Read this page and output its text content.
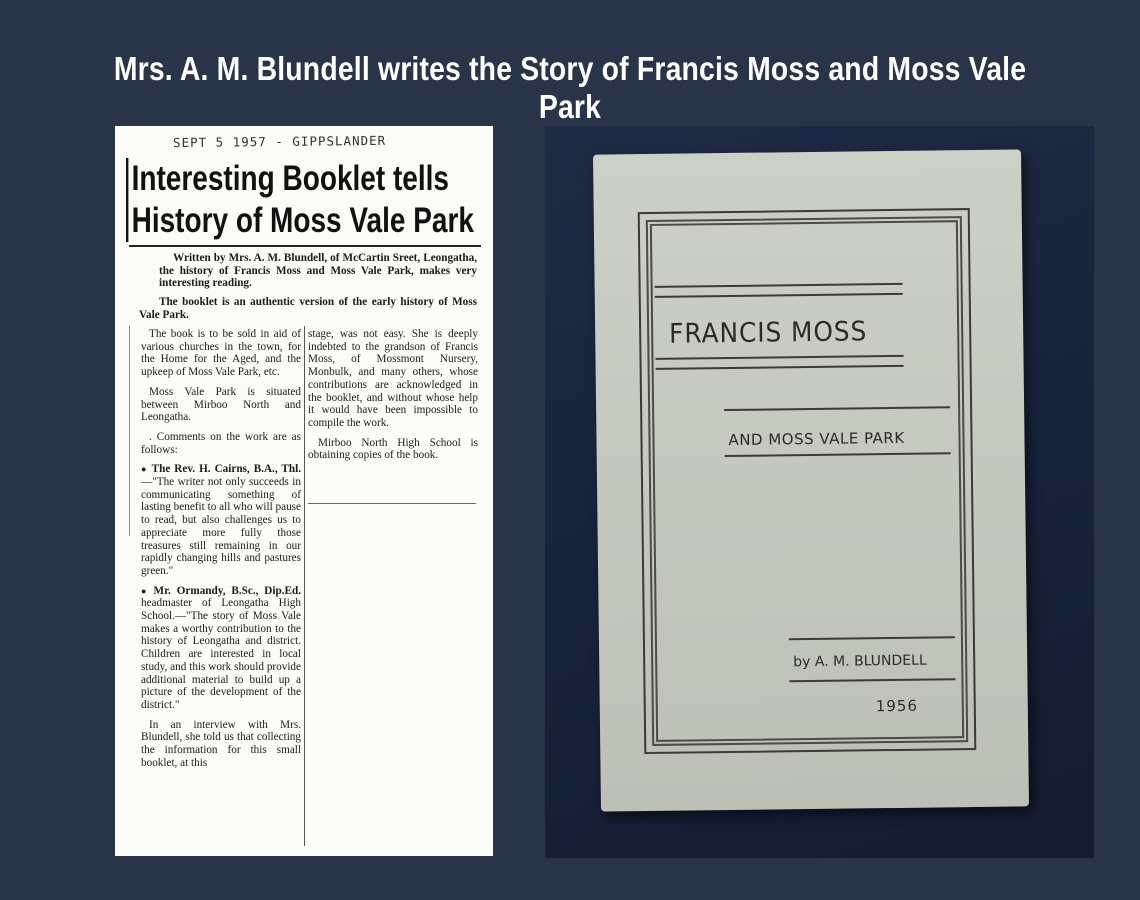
Mrs. A. M. Blundell writes the Story of Francis Moss and Moss Vale Park
SEPT 5 1957 - GIPPSLANDER
Interesting Booklet tells
History of Moss Vale Park
Written by Mrs. A. M. Blundell, of McCartin Sreet, Leongatha, the history of Francis Moss and Moss Vale Park, makes very interesting reading.
The booklet is an authentic version of the early history of Moss Vale Park.

The book is to be sold in aid of various churches in the town, for the Home for the Aged, and the upkeep of Moss Vale Park, etc.

Moss Vale Park is situated between Mirboo North and Leongatha.

. Comments on the work are as follows:

● The Rev. H. Cairns, B.A., Thl.—"The writer not only succeeds in communicating something of lasting benefit to all who will pause to read, but also challenges us to appreciate more fully those treasures still remaining in our rapidly changing hills and pastures green."

● Mr. Ormandy, B.Sc., Dip.Ed. headmaster of Leongatha High School.—"The story of Moss Vale makes a worthy contribution to the history of Leongatha and district. Children are interested in local study, and this work should provide additional material to build up a picture of the development of the district."

In an interview with Mrs. Blundell, she told us that collecting the information for this small booklet, at this

stage, was not easy. She is deeply indebted to the grandson of Francis Moss, of Mossmont Nursery, Monbulk, and many others, whose contributions are acknowledged in the booklet, and without whose help it would have been impossible to compile the work.

Mirboo North High School is obtaining copies of the book.

FRANCIS MOSS
AND MOSS VALE PARK
by A. M. BLUNDELL
1956
